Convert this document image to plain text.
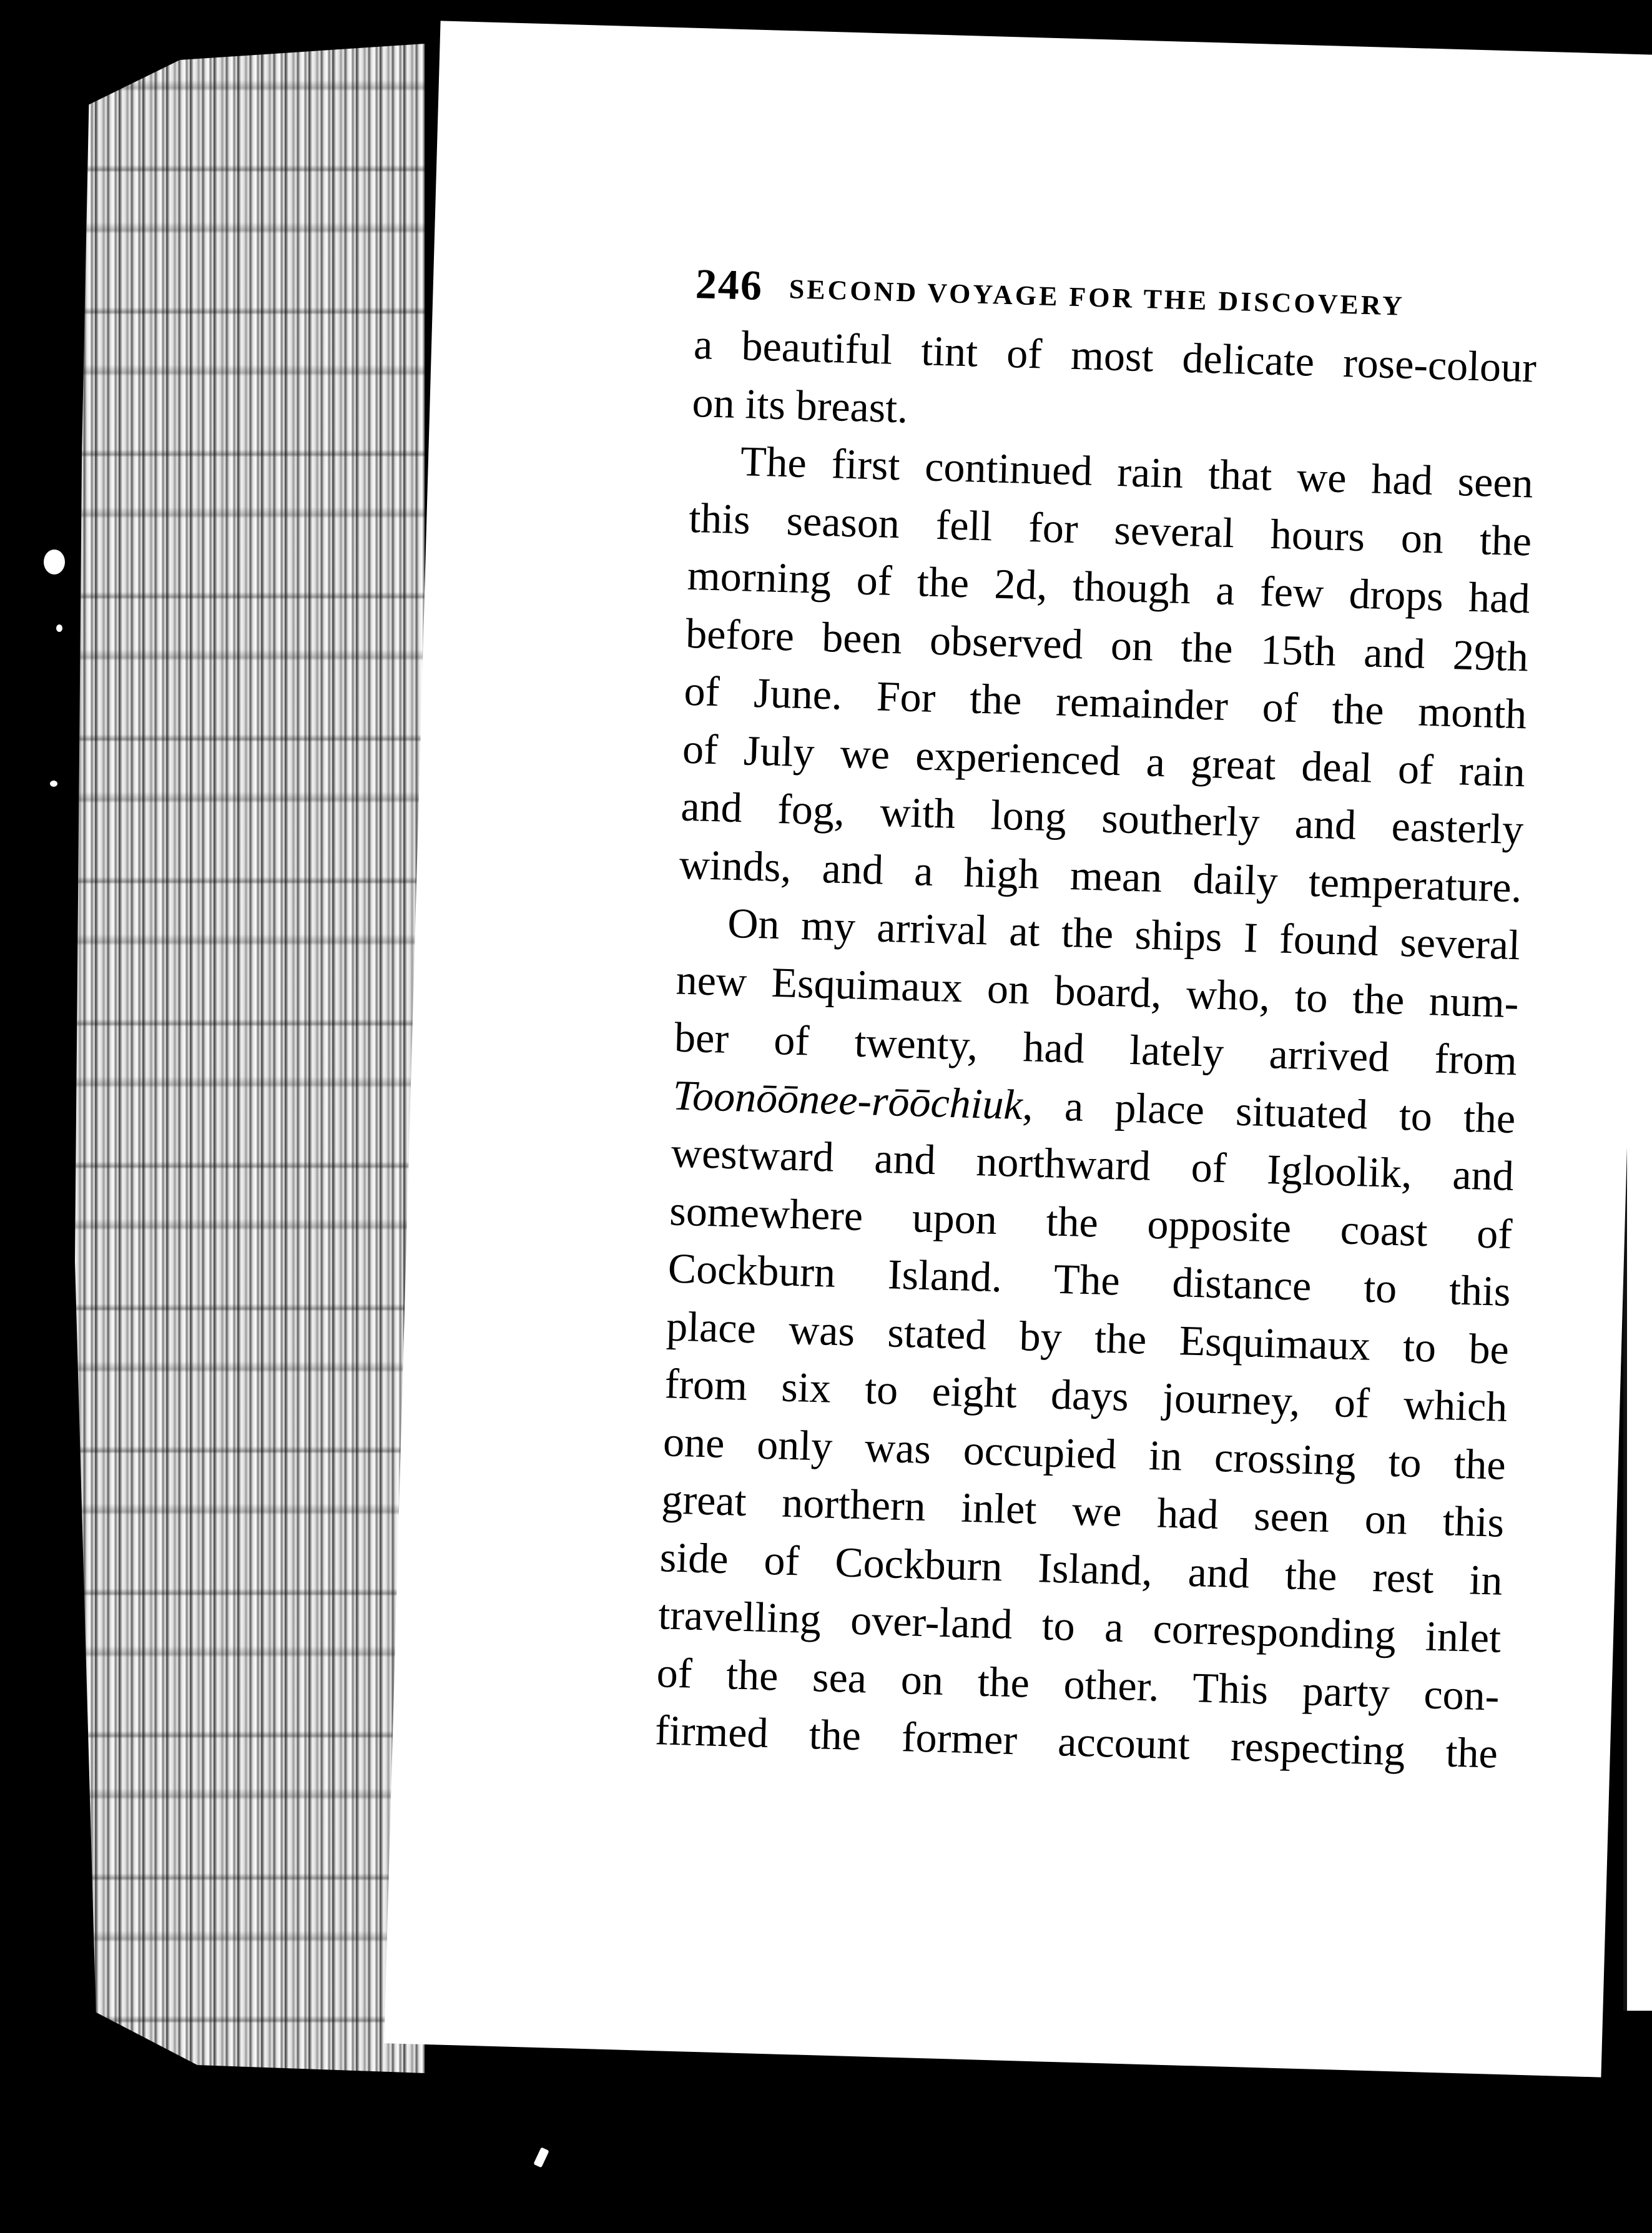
246 SECOND VOYAGE FOR THE DISCOVERY
a beautiful tint of most delicate rose-colour
on its breast.
The first continued rain that we had seen
this season fell for several hours on the
morning of the 2d, though a few drops had
before been observed on the 15th and 29th
of June. For the remainder of the month
of July we experienced a great deal of rain
and fog, with long southerly and easterly
winds, and a high mean daily temperature.
On my arrival at the ships I found several
new Esquimaux on board, who, to the num-
ber of twenty, had lately arrived from
Toonōōnee-rōōchiuk, a place situated to the
westward and northward of Igloolik, and
somewhere upon the opposite coast of
Cockburn Island. The distance to this
place was stated by the Esquimaux to be
from six to eight days journey, of which
one only was occupied in crossing to the
great northern inlet we had seen on this
side of Cockburn Island, and the rest in
travelling over-land to a corresponding inlet
of the sea on the other. This party con-
firmed the former account respecting the
